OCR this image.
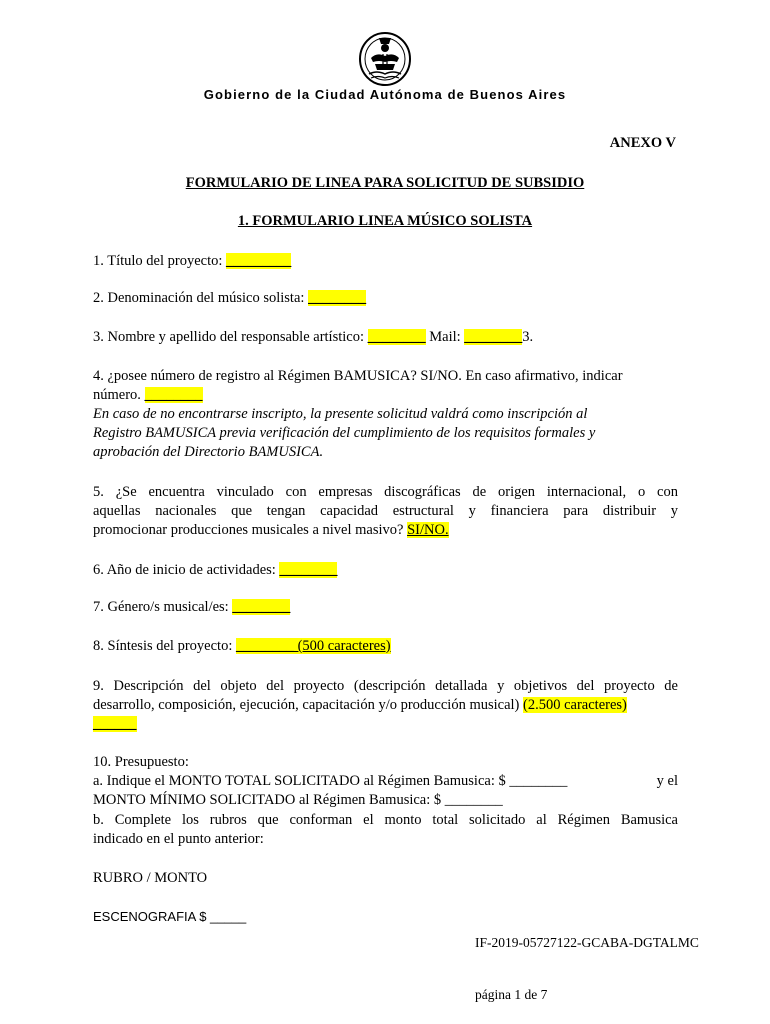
Gobierno de la Ciudad Autónoma de Buenos Aires
ANEXO V
FORMULARIO DE LINEA PARA SOLICITUD DE SUBSIDIO
1. FORMULARIO LINEA MÚSICO SOLISTA
1. Título del proyecto: _________
2. Denominación del músico solista: ________
3. Nombre y apellido del responsable artístico: ________ Mail: ________3.
4. ¿posee número de registro al Régimen BAMUSICA? SI/NO. En caso afirmativo, indicar
número. ________
En caso de no encontrarse inscripto, la presente solicitud valdrá como inscripción al
Registro BAMUSICA previa verificación del cumplimiento de los requisitos formales y
aprobación del Directorio BAMUSICA.
5. ¿Se encuentra vinculado con empresas discográficas de origen internacional, o con
aquellas nacionales que tengan capacidad estructural y financiera para distribuir y
promocionar producciones musicales a nivel masivo? SI/NO.
6. Año de inicio de actividades: ________
7. Género/s musical/es: ________
8. Síntesis del proyecto: ________ (500 caracteres)
9. Descripción del objeto del proyecto (descripción detallada y objetivos del proyecto de
desarrollo, composición, ejecución, capacitación y/o producción musical) (2.500 caracteres)
______
10. Presupuesto:
a. Indique el MONTO TOTAL SOLICITADO al Régimen Bamusica: $ ________	y el
MONTO MÍNIMO SOLICITADO al Régimen Bamusica: $ ________
b. Complete los rubros que conforman el monto total solicitado al Régimen Bamusica
indicado en el punto anterior:
RUBRO / MONTO
ESCENOGRAFIA $ _____
IF-2019-05727122-GCABA-DGTALMC
página 1 de 7
